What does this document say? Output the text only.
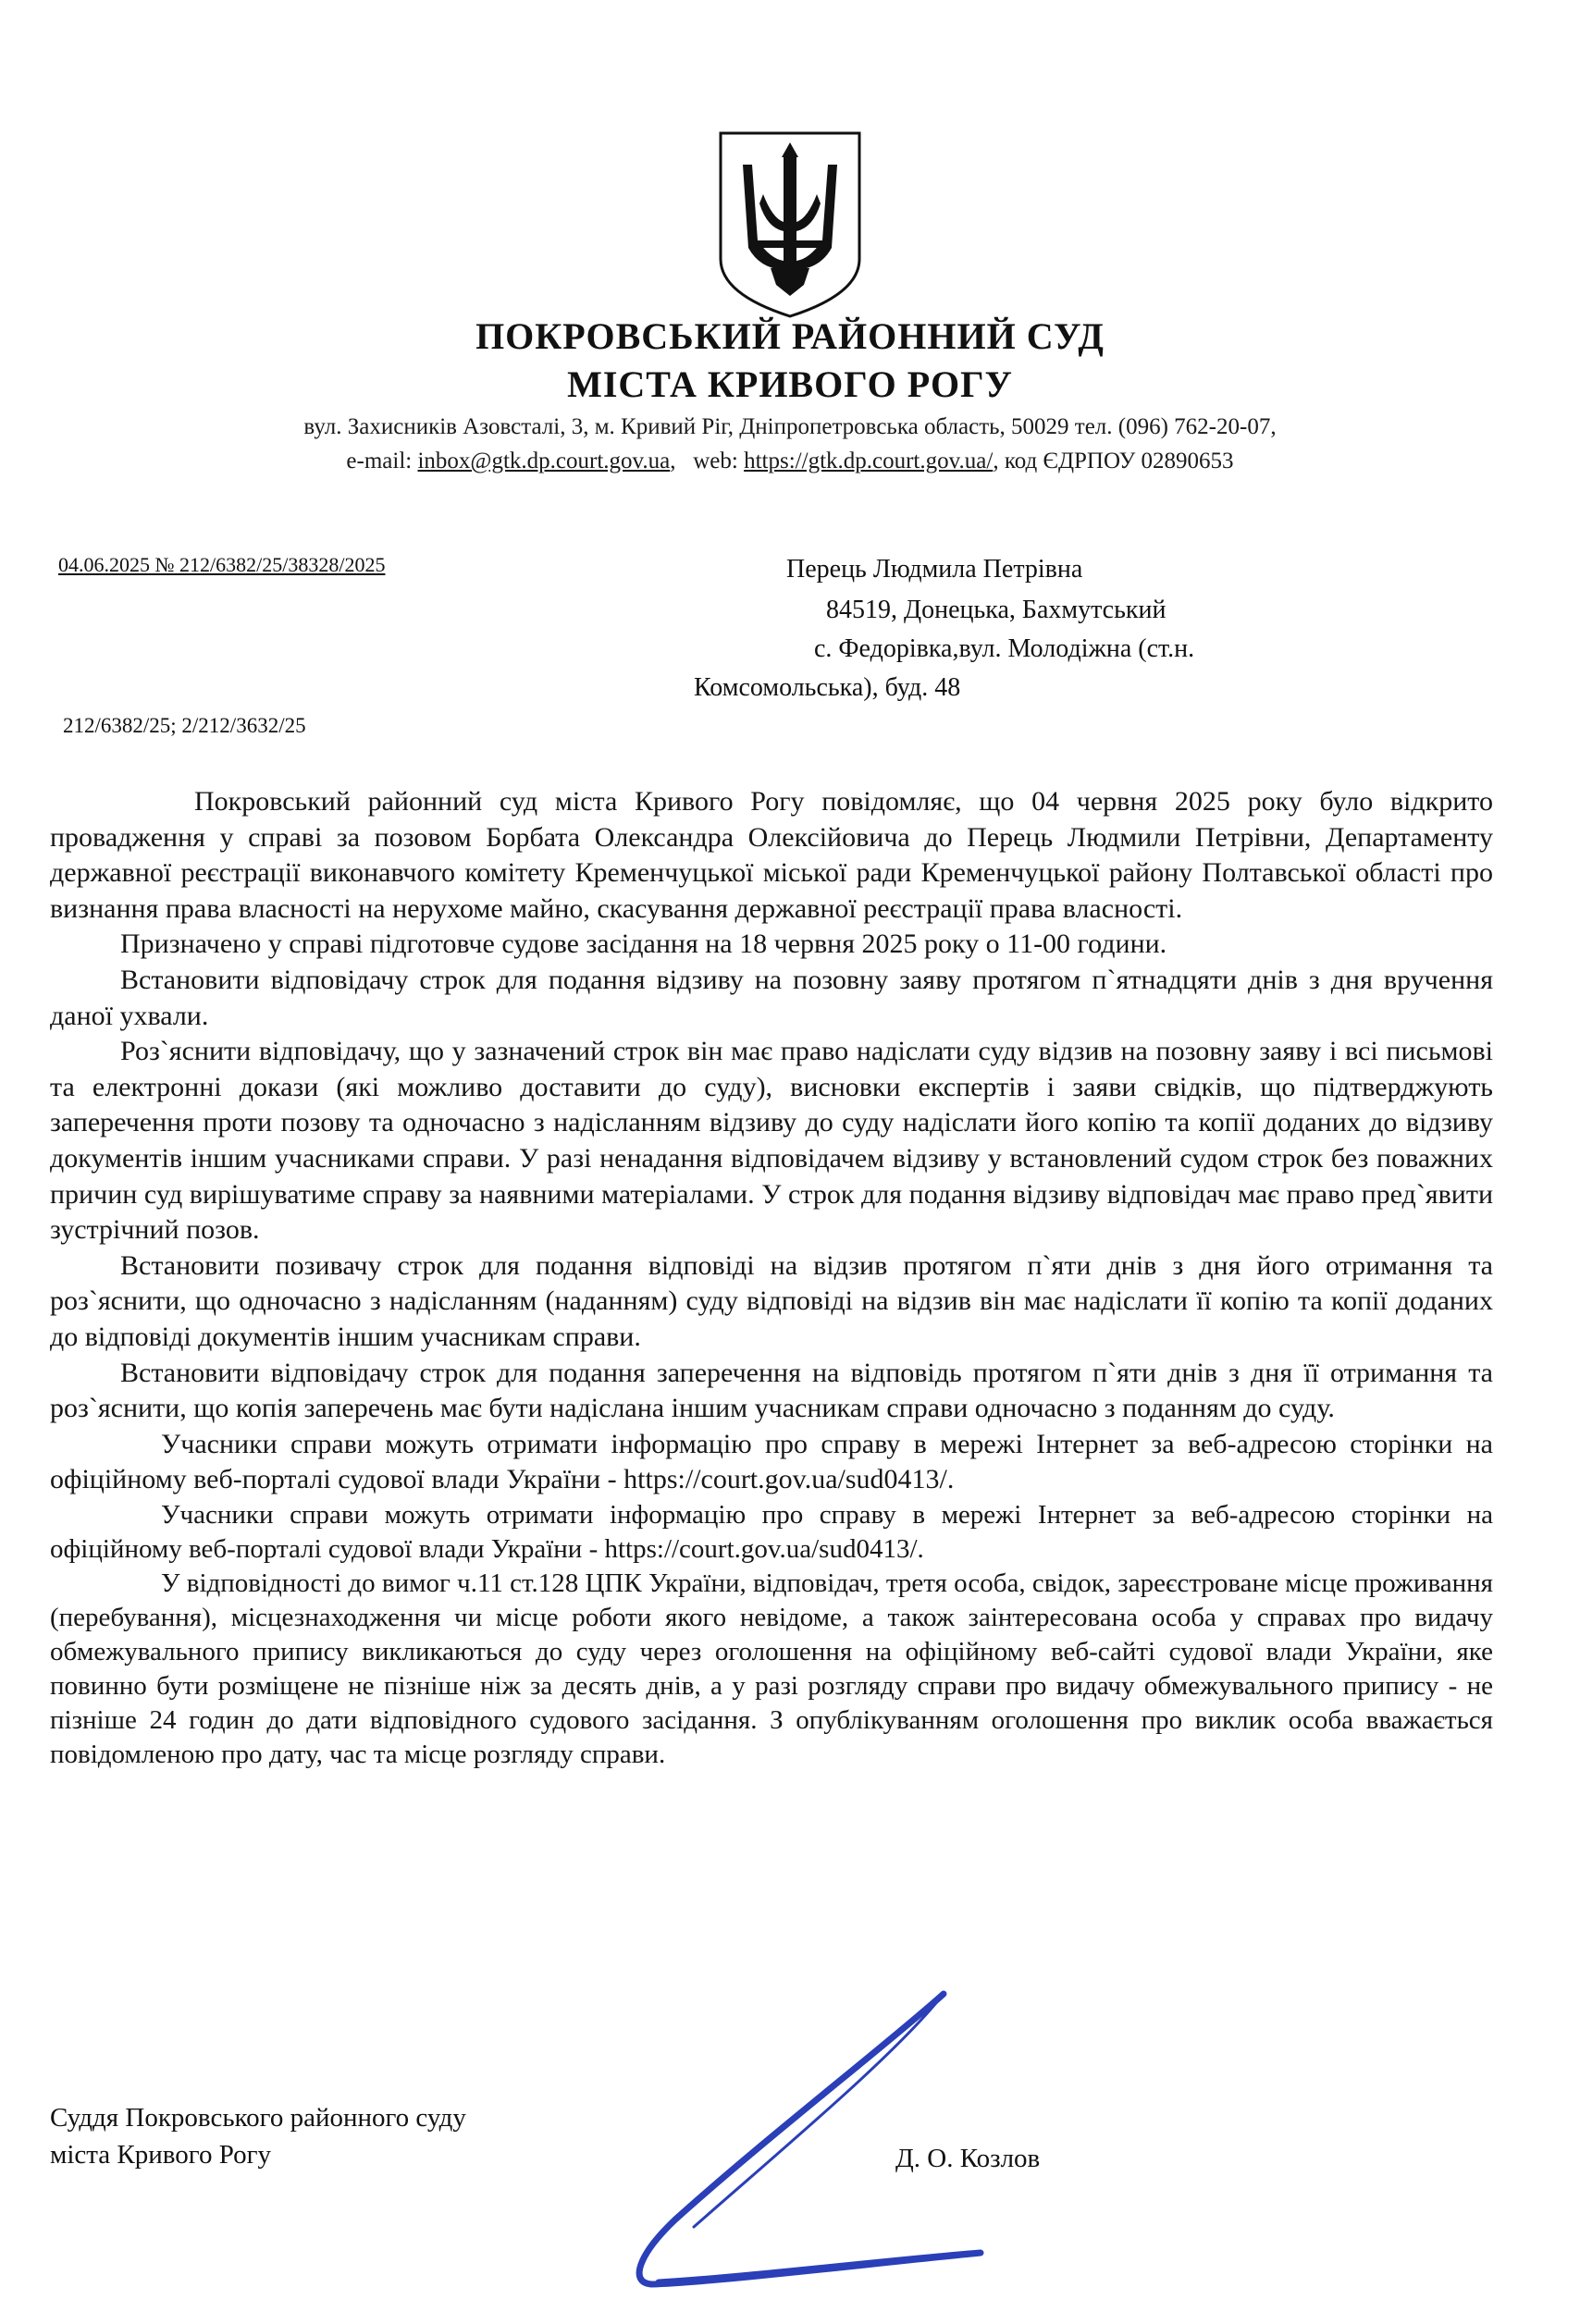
ПОКРОВСЬКИЙ РАЙОННИЙ СУД
МІСТА КРИВОГО РОГУ
вул. Захисників Азовсталі, 3, м. Кривий Ріг, Дніпропетровська область, 50029 тел. (096) 762-20-07,
e-mail: inbox@gtk.dp.court.gov.ua,   web: https://gtk.dp.court.gov.ua/, код ЄДРПОУ 02890653
04.06.2025 № 212/6382/25/38328/2025
212/6382/25; 2/212/3632/25
Перець Людмила Петрівна
84519, Донецька, Бахмутський
с. Федорівка,вул. Молодіжна (ст.н.
Комсомольська), буд. 48

Покровський районний суд міста Кривого Рогу повідомляє, що 04 червня 2025 року було відкрито провадження у справі за позовом Борбата Олександра Олексійовича до Перець Людмили Петрівни, Департаменту державної реєстрації виконавчого комітету Кременчуцької міської ради Кременчуцької району Полтавської області про визнання права власності на нерухоме майно, скасування державної реєстрації права власності.

Призначено у справі підготовче судове засідання на 18 червня 2025 року о 11-00 години.

Встановити відповідачу строк для подання відзиву на позовну заяву протягом п`ятнадцяти днів з дня вручення даної ухвали.

Роз`яснити відповідачу, що у зазначений строк він має право надіслати суду відзив на позовну заяву і всі письмові та електронні докази (які можливо доставити до суду), висновки експертів і заяви свідків, що підтверджують заперечення проти позову та одночасно з надісланням відзиву до суду надіслати його копію та копії доданих до відзиву документів іншим учасниками справи. У разі ненадання відповідачем відзиву у встановлений судом строк без поважних причин суд вирішуватиме справу за наявними матеріалами. У строк для подання відзиву відповідач має право пред`явити зустрічний позов.

Встановити позивачу строк для подання відповіді на відзив протягом п`яти днів з дня його отримання та роз`яснити, що одночасно з надісланням (наданням) суду відповіді на відзив він має надіслати її копію та копії доданих до відповіді документів іншим учасникам справи.

Встановити відповідачу строк для подання заперечення на відповідь протягом п`яти днів з дня її отримання та роз`яснити, що копія заперечень має бути надіслана іншим учасникам справи одночасно з поданням до суду.

Учасники справи можуть отримати інформацію про справу в мережі Інтернет за веб-адресою сторінки на офіційному веб-порталі судової влади України - https://court.gov.ua/sud0413/.

Учасники справи можуть отримати інформацію про справу в мережі Інтернет за веб-адресою сторінки на офіційному веб-порталі судової влади України - https://court.gov.ua/sud0413/.

У відповідності до вимог ч.11 ст.128 ЦПК України, відповідач, третя особа, свідок, зареєстроване місце проживання (перебування), місцезнаходження чи місце роботи якого невідоме, а також заінтересована особа у справах про видачу обмежувального припису викликаються до суду через оголошення на офіційному веб-сайті судової влади України, яке повинно бути розміщене не пізніше ніж за десять днів, а у разі розгляду справи про видачу обмежувального припису - не пізніше 24 годин до дати відповідного судового засідання. З опублікуванням оголошення про виклик особа вважається повідомленою про дату, час та місце розгляду справи.

Суддя Покровського районного суду
міста Кривого Рогу	Д. О. Козлов
